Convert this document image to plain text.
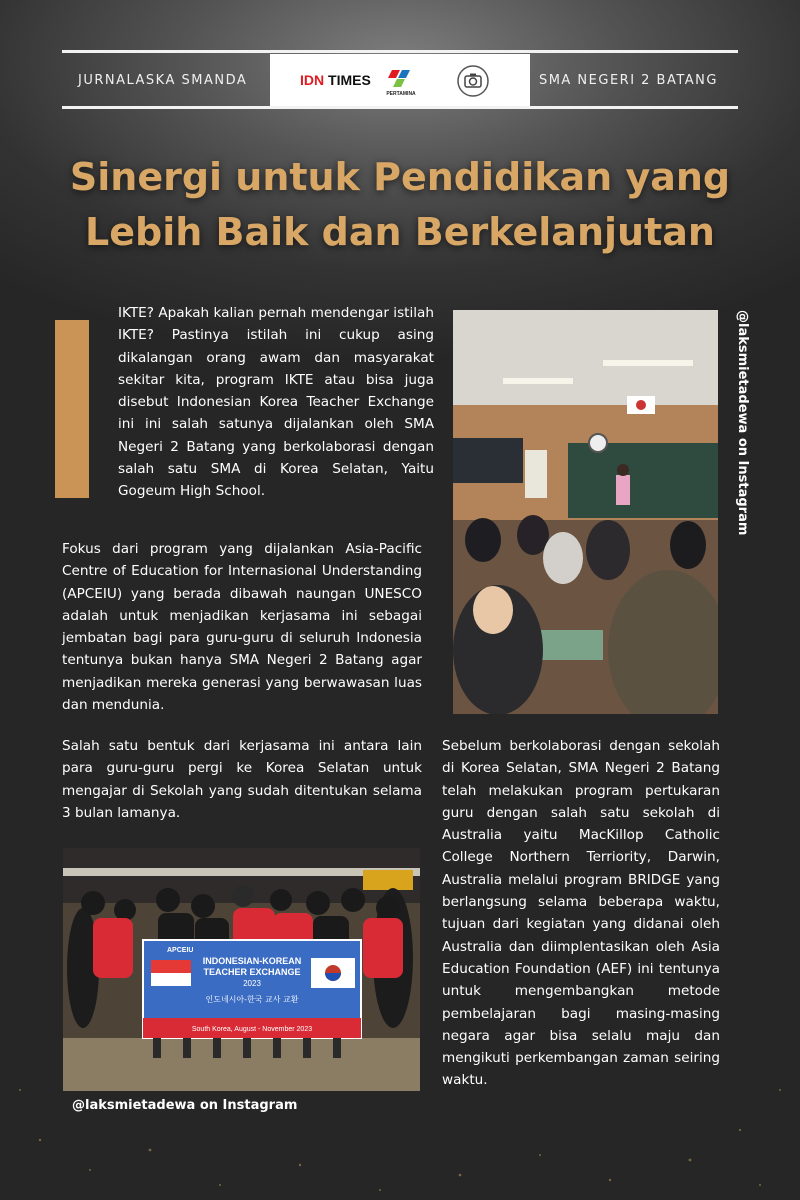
JURNALASKA SMANDA	IDN TIMES
PERTAMINA
SMA NEGERI 2 BATANG
Sinergi untuk Pendidikan yang Lebih Baik dan Berkelanjutan

IKTE? Apakah kalian pernah mendengar istilah IKTE? Pastinya istilah ini cukup asing dikalangan orang awam dan masyarakat sekitar kita, program IKTE atau bisa juga disebut Indonesian Korea Teacher Exchange ini ini salah satunya dijalankan oleh SMA Negeri 2 Batang yang berkolaborasi dengan salah satu SMA di Korea Selatan, Yaitu Gogeum High School.

Fokus dari program yang dijalankan Asia-Pacific Centre of Education for Internasional Understanding (APCEIU) yang berada dibawah naungan UNESCO adalah untuk menjadikan kerjasama ini sebagai jembatan bagi para guru-guru di seluruh Indonesia tentunya bukan hanya SMA Negeri 2 Batang agar menjadikan mereka generasi yang berwawasan luas dan mendunia.

Salah satu bentuk dari kerjasama ini antara lain para guru-guru pergi ke Korea Selatan untuk mengajar di Sekolah yang sudah ditentukan selama 3 bulan lamanya.

Sebelum berkolaborasi dengan sekolah di Korea Selatan, SMA Negeri 2 Batang telah melakukan program pertukaran guru dengan salah satu sekolah di Australia yaitu MacKillop Catholic College Northern Terriority, Darwin, Australia melalui program BRIDGE yang berlangsung selama beberapa waktu, tujuan dari kegiatan yang didanai oleh Australia dan diimplentasikan oleh Asia Education Foundation (AEF) ini tentunya untuk mengembangkan metode pembelajaran bagi masing-masing negara agar bisa selalu maju dan mengikuti perkembangan zaman seiring waktu.

@laksmietadewa on Instagram
APCEIU
INDONESIAN-KOREAN
TEACHER EXCHANGE
2023
인도네시아-한국 교사 교환
South Korea, August - November 2023
@laksmietadewa on Instagram
